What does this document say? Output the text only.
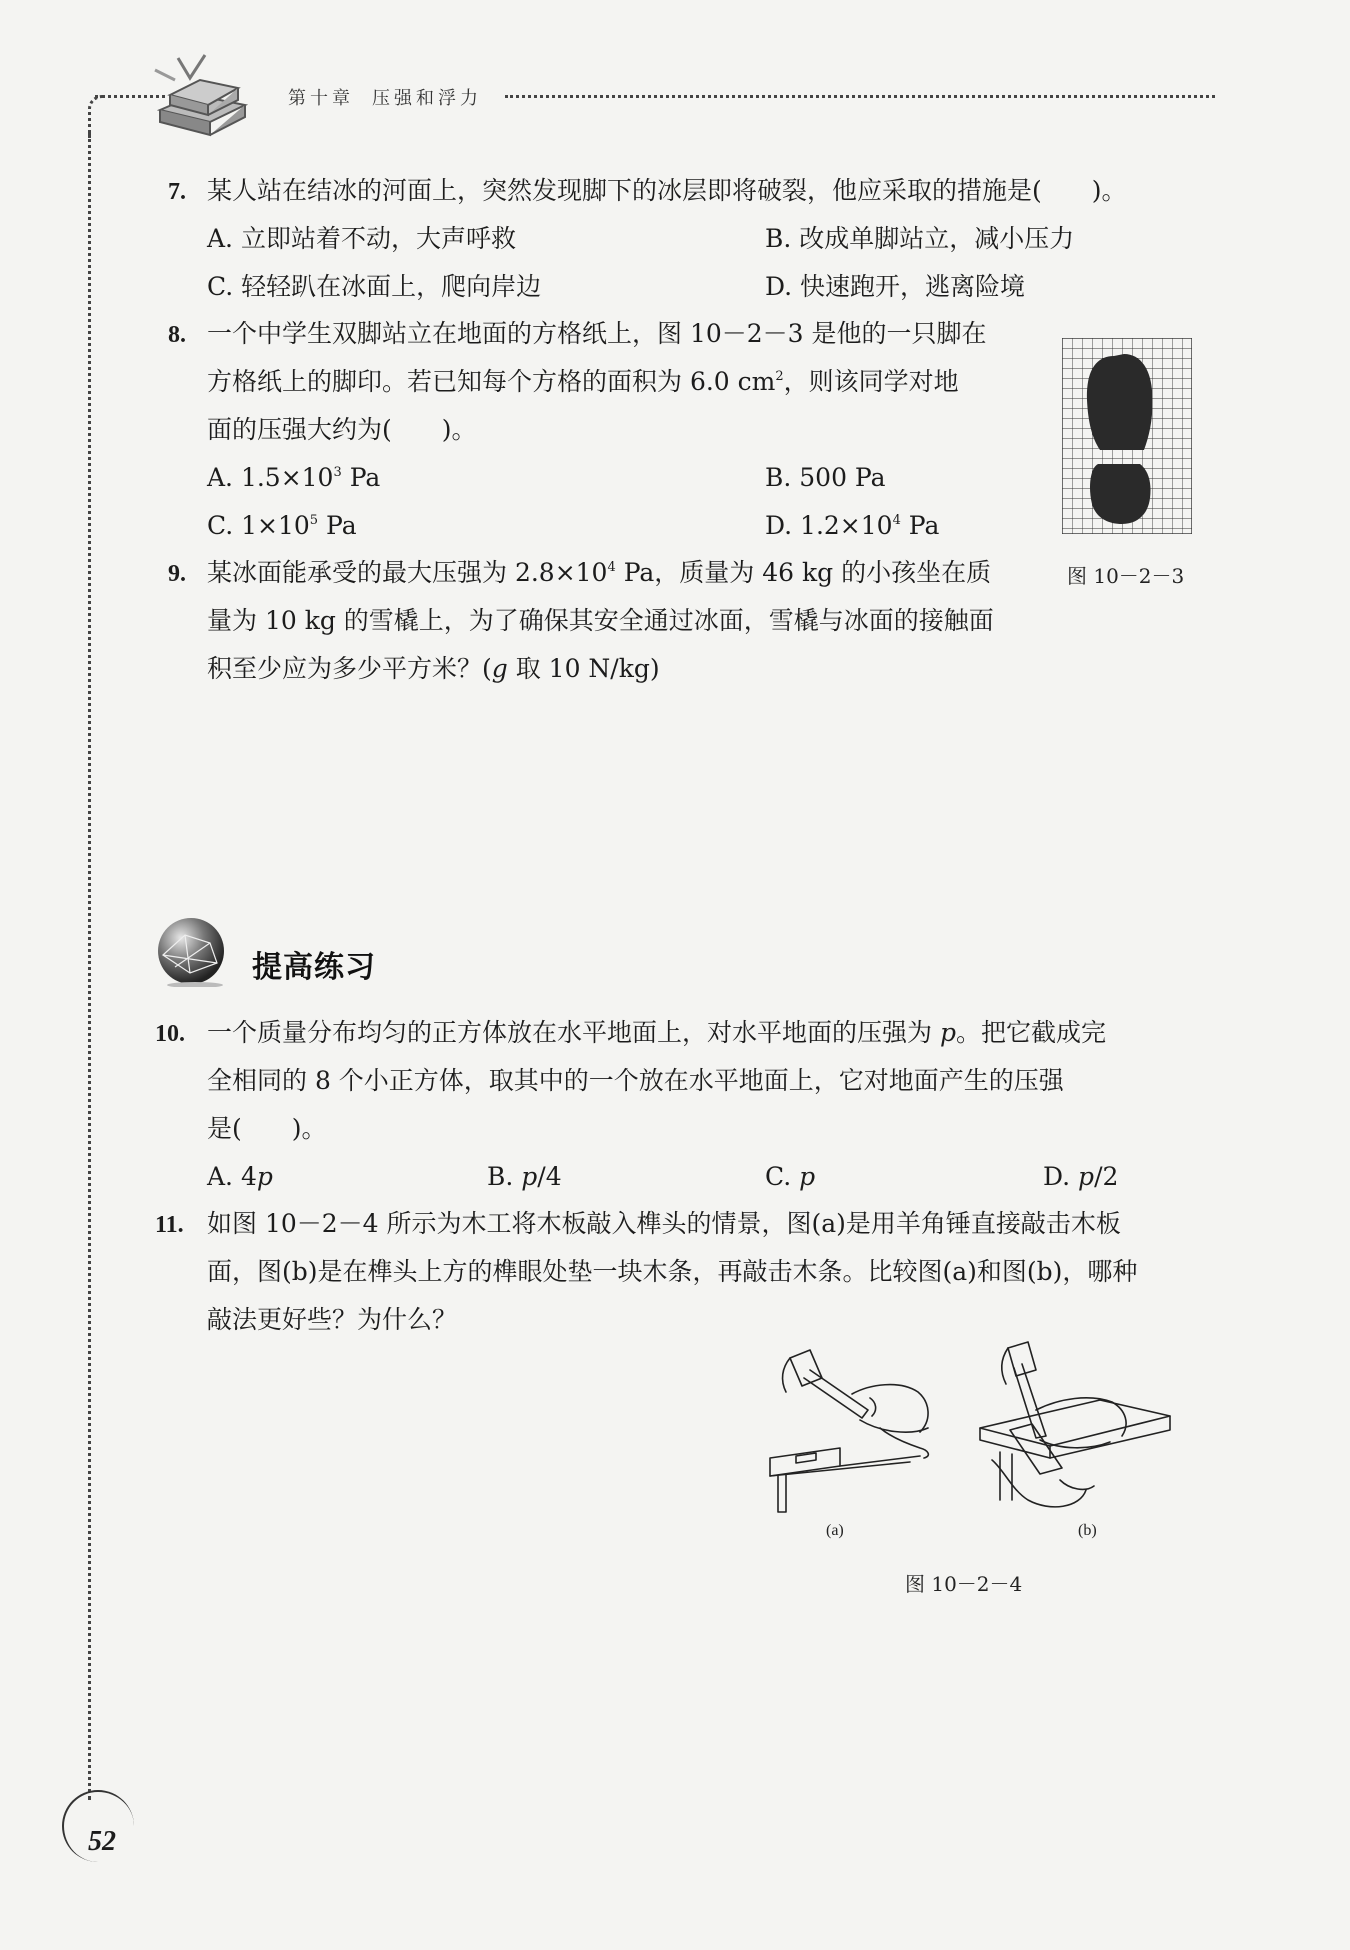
第十章 压强和浮力
7. 某人站在结冰的河面上，突然发现脚下的冰层即将破裂，他应采取的措施是(　　)。
A. 立即站着不动，大声呼救	B. 改成单脚站立，减小压力
C. 轻轻趴在冰面上，爬向岸边	D. 快速跑开，逃离险境
8. 一个中学生双脚站立在地面的方格纸上，图 10－2－3 是他的一只脚在
方格纸上的脚印。若已知每个方格的面积为 6.0 $cm^2$，则该同学对地
面的压强大约为(　　)。
A. $1.5\times 10^3$ Pa	B. 500 Pa
C. $1\times 10^5$ Pa	D. $1.2\times 10^4$ Pa
图 10－2－3
9. 某冰面能承受的最大压强为 $2.8\times 10^4$ Pa，质量为 46 kg 的小孩坐在质
量为 10 kg 的雪橇上，为了确保其安全通过冰面，雪橇与冰面的接触面
积至少应为多少平方米？(g 取 10 N/kg)
提高练习
10. 一个质量分布均匀的正方体放在水平地面上，对水平地面的压强为 p。把它截成完
全相同的 8 个小正方体，取其中的一个放在水平地面上，它对地面产生的压强
是(　　)。
A. 4p	B. p/4	C. p	D. p/2
11. 如图 10－2－4 所示为木工将木板敲入榫头的情景，图(a)是用羊角锤直接敲击木板
面，图(b)是在榫头上方的榫眼处垫一块木条，再敲击木条。比较图(a)和图(b)，哪种
敲法更好些？为什么？
(a)	(b)
图 10－2－4
52
